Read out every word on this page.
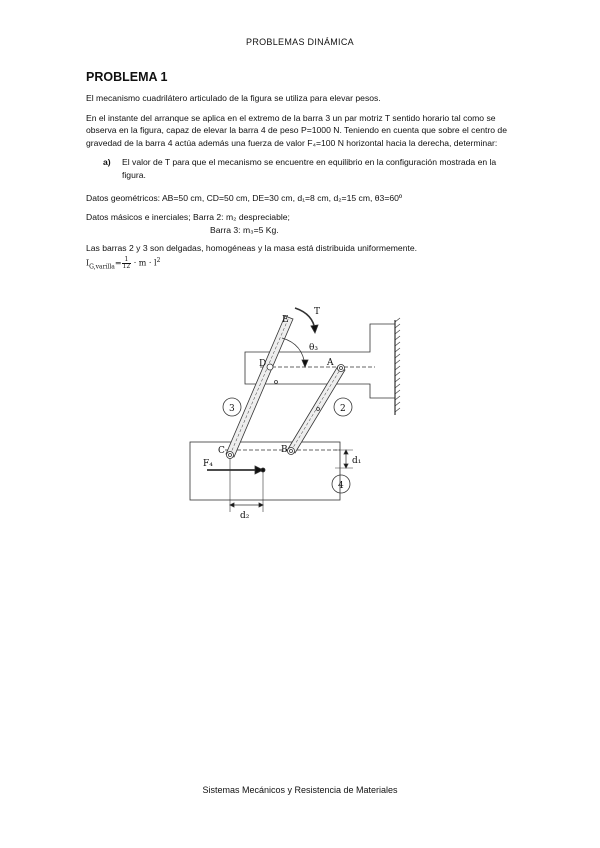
PROBLEMAS DINÁMICA
PROBLEMA 1

El mecanismo cuadrilátero articulado de la figura se utiliza para elevar pesos.

En el instante del arranque se aplica en el extremo de la barra 3 un par motriz T sentido horario tal como se observa en la figura, capaz de elevar la barra 4 de peso P=1000 N. Teniendo en cuenta que sobre el centro de gravedad de la barra 4 actúa además una fuerza de valor F₄=100 N horizontal hacia la derecha, determinar:

a) El valor de T para que el mecanismo se encuentre en equilibrio en la configuración mostrada en la figura.

Datos geométricos: AB=50 cm, CD=50 cm, DE=30 cm, d₁=8 cm, d₂=15 cm, θ3=60º

Datos másicos e inerciales; Barra 2: m₂ despreciable;
Barra 3: m₃=5 Kg.

Las barras 2 y 3 son delgadas, homogéneas y la masa está distribuida uniformemente.

$I_{G,varilla}= \frac{1}{12} \cdot m \cdot l^2$
E
T
θ₃
D	A
3	2
C	B
d₁
F₄
4
d₂
Sistemas Mecánicos y Resistencia de Materiales
